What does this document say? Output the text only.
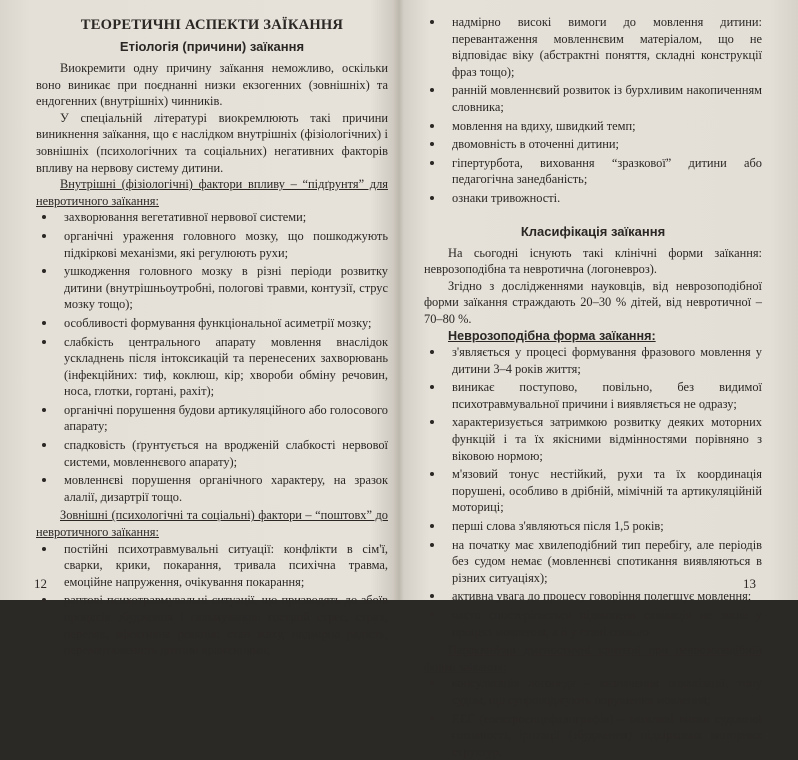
ТЕОРЕТИЧНІ АСПЕКТИ ЗАЇКАННЯ
Етіологія (причини) заїкання

Виокремити одну причину заїкання неможливо, оскільки воно виникає при поєднанні низки екзогенних (зовнішніх) та ендогенних (внутрішніх) чинників.

У спеціальній літературі виокремлюють такі причини виникнення заїкання, що є наслідком внутрішніх (фізіологічних) і зовнішніх (психологічних та соціальних) негативних факторів впливу на нервову систему дитини.

Внутрішні (фізіологічні) фактори впливу – “підґрунтя” для невротичного заїкання:

захворювання вегетативної нервової системи;
органічні ураження головного мозку, що пошкоджують підкіркові механізми, які регулюють рухи;
ушкодження головного мозку в різні періоди розвитку дитини (внутрішньоутробні, пологові травми, контузії, струс мозку тощо);
особливості формування функціональної асиметрії мозку;
слабкість центрального апарату мовлення внаслідок ускладнень після інтоксикацій та перенесених захворювань (інфекційних: тиф, коклюш, кір; хвороби обміну речовин, носа, глотки, гортані, рахіт);
органічні порушення будови артикуляційного або голосового апарату;
спадковість (ґрунтується на вродженій слабкості нервової системи, мовленнєвого апарату);
мовленнєві порушення органічного характеру, на зразок алалії, дизартрії тощо.

Зовнішні (психологічні та соціальні) фактори – “поштовх” до невротичного заїкання:

постійні психотравмувальні ситуації: конфлікти в сім'ї, сварки, крики, покарання, тривала психічна травма, емоційне напруження, очікування покарання;
раптові психотравмувальні ситуації, що призводять до збоїв процесів збудження і гальмування: гострий стрес, страх, переляк, афективна реакція: стан жаху, надмірна радість, перевантаженість дитини враженнями;
12
надмірно високі вимоги до мовлення дитини: перевантаження мовленнєвим матеріалом, що не відповідає віку (абстрактні поняття, складні конструкції фраз тощо);
ранній мовленнєвий розвиток із бурхливим накопиченням словника;
мовлення на вдиху, швидкий темп;
двомовність в оточенні дитини;
гіпертурбота, виховання “зразкової” дитини або педагогічна занедбаність;
ознаки тривожності.
Класифікація заїкання

На сьогодні існують такі клінічні форми заїкання: неврозоподібна та невротична (логоневроз).

Згідно з дослідженнями науковців, від неврозоподібної форми заїкання страждають 20–30 % дітей, від невротичної – 70–80 %.

Неврозоподібна форма заїкання:

з'являється у процесі формування фразового мовлення у дитини 3–4 років життя;
виникає поступово, повільно, без видимої психотравмувальної причини і виявляється не одразу;
характеризується затримкою розвитку деяких моторних функцій і та їх якісними відмінностями порівняно з віковою нормою;
м'язовий тонус нестійкий, рухи та їх координація порушені, особливо в дрібній, мімічній та артикуляційній моториці;
перші слова з'являються після 1,5 років;
на початку має хвилеподібний тип перебігу, але періодів без судом немає (мовленнєві спотикання виявляються в різних ситуаціях);
активна увага до процесу говоріння полегшує мовлення;
часто спостерігається підвищена салівація не лише у процесі мовлення, а й у стані спокою.

Параклінічні діагностичні критерії при неврозоподібній формі заїкання:

консультація логопеда – визначення локалізації, типу судом, що супроводжують порушення мовлення;
ЕЕГ (електроенцефалографія) – можливі вияви судомної готовності, іритації (збудження) підкіркових моторних структур,
13
